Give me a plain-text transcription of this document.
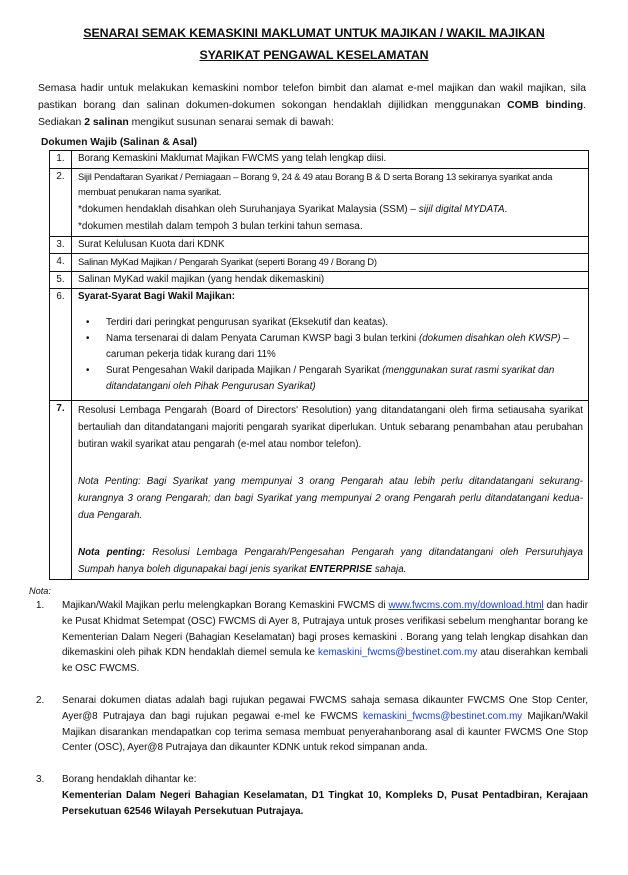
SENARAI SEMAK KEMASKINI MAKLUMAT UNTUK MAJIKAN / WAKIL MAJIKAN
SYARIKAT PENGAWAL KESELAMATAN
Semasa hadir untuk melakukan kemaskini nombor telefon bimbit dan alamat e-mel majikan dan wakil majikan, sila pastikan borang dan salinan dokumen-dokumen sokongan hendaklah dijilidkan menggunakan COMB binding. Sediakan 2 salinan mengikut susunan senarai semak di bawah:
Dokumen Wajib (Salinan & Asal)
1.	Borang Kemaskini Maklumat Majikan FWCMS yang telah lengkap diisi.
2.	Sijil Pendaftaran Syarikat / Perniagaan – Borang 9, 24 & 49 atau Borang B & D serta Borang 13 sekiranya syarikat anda membuat penukaran nama syarikat.
*dokumen hendaklah disahkan oleh Suruhanjaya Syarikat Malaysia (SSM) – sijil digital MYDATA.
*dokumen mestilah dalam tempoh 3 bulan terkini tahun semasa.

3.	Surat Kelulusan Kuota dari KDNK
4.	Salinan MyKad Majikan / Pengarah Syarikat (seperti Borang 49 / Borang D)
5.	Salinan MyKad wakil majikan (yang hendak dikemaskini)
6.	Syarat-Syarat Bagi Wakil Majikan:
• Terdiri dari peringkat pengurusan syarikat (Eksekutif dan keatas).
• Nama tersenarai di dalam Penyata Caruman KWSP bagi 3 bulan terkini (dokumen disahkan oleh KWSP) – caruman pekerja tidak kurang dari 11%
• Surat Pengesahan Wakil daripada Majikan / Pengarah Syarikat (menggunakan surat rasmi syarikat dan ditandatangani oleh Pihak Pengurusan Syarikat)

7.	Resolusi Lembaga Pengarah (Board of Directors' Resolution) yang ditandatangani oleh firma setiausaha syarikat bertauliah dan ditandatangani majoriti pengarah syarikat diperlukan. Untuk sebarang penambahan atau perubahan butiran wakil syarikat atau pengarah (e-mel atau nombor telefon).

Nota Penting: Bagi Syarikat yang mempunyai 3 orang Pengarah atau lebih perlu ditandatangani sekurang-kurangnya 3 orang Pengarah; dan bagi Syarikat yang mempunyai 2 orang Pengarah perlu ditandatangani kedua-dua Pengarah.

Nota penting: Resolusi Lembaga Pengarah/Pengesahan Pengarah yang ditandatangani oleh Persuruhjaya Sumpah hanya boleh digunapakai bagi jenis syarikat ENTERPRISE sahaja.

Nota:
1. Majikan/Wakil Majikan perlu melengkapkan Borang Kemaskini FWCMS di www.fwcms.com.my/download.html dan hadir ke Pusat Khidmat Setempat (OSC) FWCMS di Ayer 8, Putrajaya untuk proses verifikasi sebelum menghantar borang ke Kementerian Dalam Negeri (Bahagian Keselamatan) bagi proses kemaskini . Borang yang telah lengkap disahkan dan dikemaskini oleh pihak KDN hendaklah diemel semula ke kemaskini_fwcms@bestinet.com.my atau diserahkan kembali ke OSC FWCMS.
2. Senarai dokumen diatas adalah bagi rujukan pegawai FWCMS sahaja semasa dikaunter FWCMS One Stop Center, Ayer@8 Putrajaya dan bagi rujukan pegawai e-mel ke FWCMS kemaskini_fwcms@bestinet.com.my Majikan/Wakil Majikan disarankan mendapatkan cop terima semasa membuat penyerahanborang asal di kaunter FWCMS One Stop Center (OSC), Ayer@8 Putrajaya dan dikaunter KDNK untuk rekod simpanan anda.
3. Borang hendaklah dihantar ke:
Kementerian Dalam Negeri Bahagian Keselamatan, D1 Tingkat 10, Kompleks D, Pusat Pentadbiran, Kerajaan Persekutuan 62546 Wilayah Persekutuan Putrajaya.
